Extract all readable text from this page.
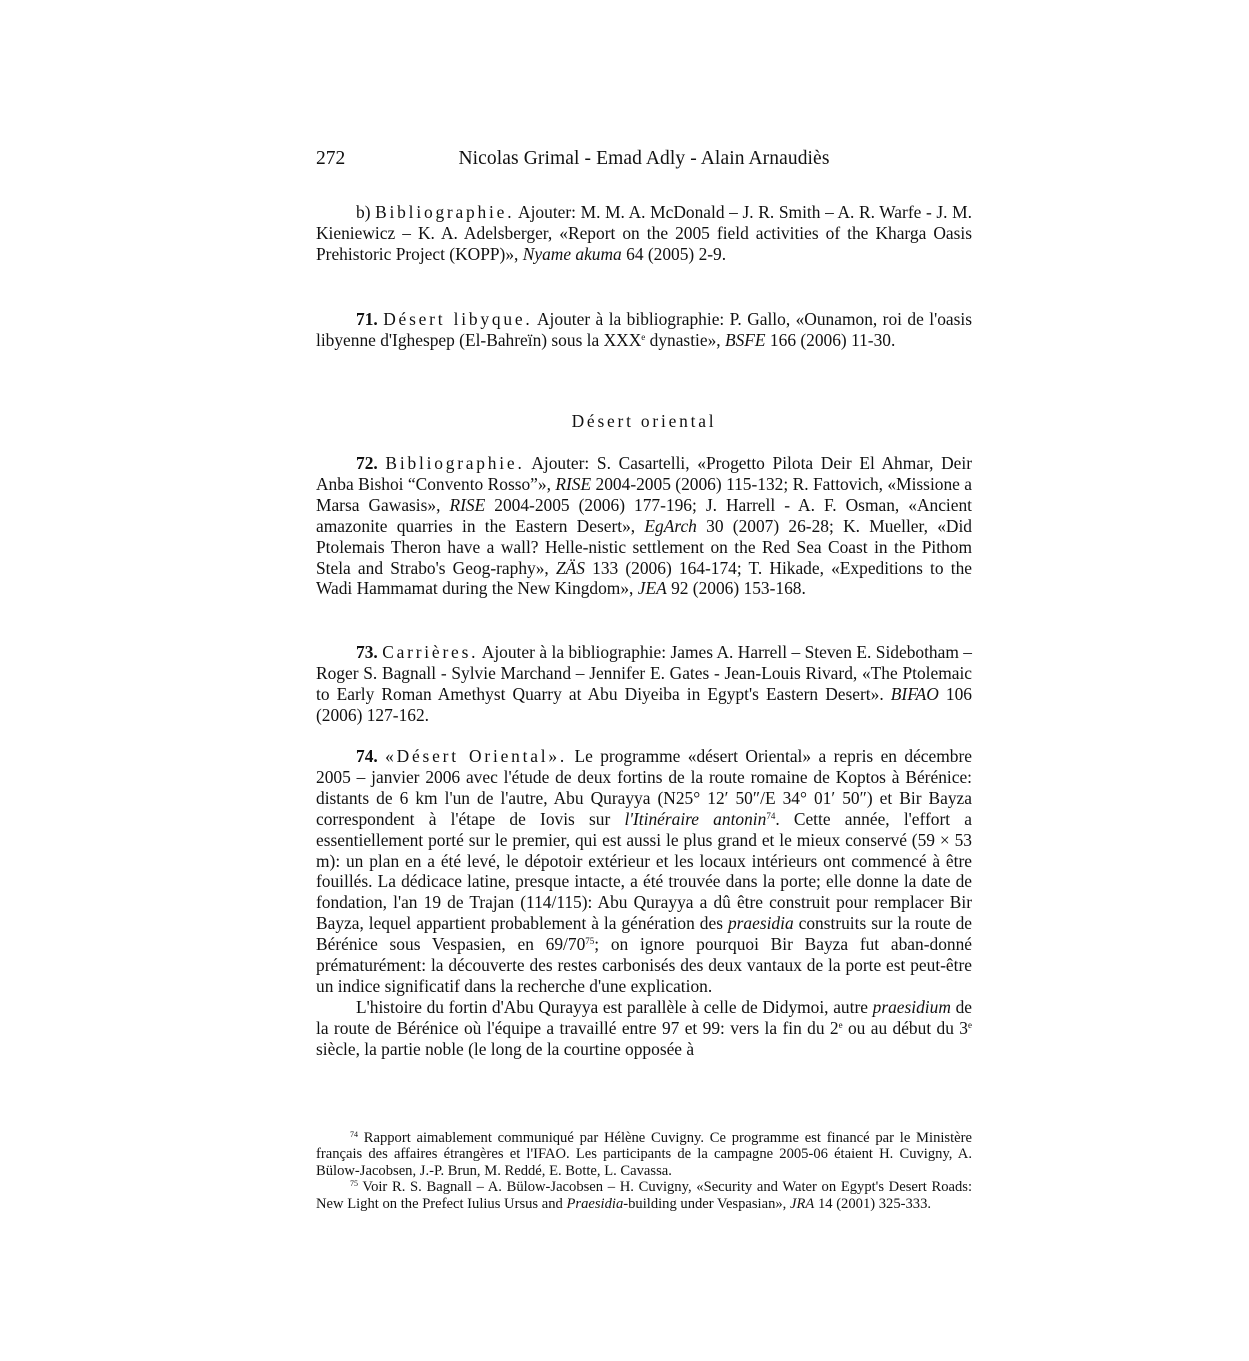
272	Nicolas Grimal - Emad Adly - Alain Arnaudiès

b) Bibliographie. Ajouter: M. M. A. McDonald – J. R. Smith – A. R. Warfe - J. M. Kieniewicz – K. A. Adelsberger, «Report on the 2005 field activities of the Kharga Oasis Prehistoric Project (KOPP)», Nyame akuma 64 (2005) 2-9.

71. Désert libyque. Ajouter à la bibliographie: P. Gallo, «Ounamon, roi de l'oasis libyenne d'Ighespep (El-Bahreïn) sous la XXXe dynastie», BSFE 166 (2006) 11-30.

Désert oriental

72. Bibliographie. Ajouter: S. Casartelli, «Progetto Pilota Deir El Ahmar, Deir Anba Bishoi “Convento Rosso”», RISE 2004-2005 (2006) 115-132; R. Fattovich, «Missione a Marsa Gawasis», RISE 2004-2005 (2006) 177-196; J. Harrell - A. F. Osman, «Ancient amazonite quarries in the Eastern Desert», EgArch 30 (2007) 26-28; K. Mueller, «Did Ptolemais Theron have a wall? Helle-nistic settlement on the Red Sea Coast in the Pithom Stela and Strabo's Geog-raphy», ZÄS 133 (2006) 164-174; T. Hikade, «Expeditions to the Wadi Hammamat during the New Kingdom», JEA 92 (2006) 153-168.

73. Carrières. Ajouter à la bibliographie: James A. Harrell – Steven E. Sidebotham – Roger S. Bagnall - Sylvie Marchand – Jennifer E. Gates - Jean-Louis Rivard, «The Ptolemaic to Early Roman Amethyst Quarry at Abu Diyeiba in Egypt's Eastern Desert». BIFAO 106 (2006) 127-162.

74. «Désert Oriental». Le programme «désert Oriental» a repris en décembre 2005 – janvier 2006 avec l'étude de deux fortins de la route romaine de Koptos à Bérénice: distants de 6 km l'un de l'autre, Abu Qurayya (N25° 12′ 50″/E 34° 01′ 50″) et Bir Bayza correspondent à l'étape de Iovis sur l'Itinéraire antonin$^{74}$. Cette année, l'effort a essentiellement porté sur le premier, qui est aussi le plus grand et le mieux conservé (59 × 53 m): un plan en a été levé, le dépotoir extérieur et les locaux intérieurs ont commencé à être fouillés. La dédicace latine, presque intacte, a été trouvée dans la porte; elle donne la date de fondation, l'an 19 de Trajan (114/115): Abu Qurayya a dû être construit pour remplacer Bir Bayza, lequel appartient probablement à la génération des praesidia construits sur la route de Bérénice sous Vespasien, en $69/70^{75}$; on ignore pourquoi Bir Bayza fut aban-donné prématurément: la découverte des restes carbonisés des deux vantaux de la porte est peut-être un indice significatif dans la recherche d'une explication.

L'histoire du fortin d'Abu Qurayya est parallèle à celle de Didymoi, autre praesidium de la route de Bérénice où l'équipe a travaillé entre 97 et 99: vers la fin du 2e ou au début du 3e siècle, la partie noble (le long de la courtine opposée à

$^{74}$ Rapport aimablement communiqué par Hélène Cuvigny. Ce programme est financé par le Ministère français des affaires étrangères et l'IFAO. Les participants de la campagne 2005-06 étaient H. Cuvigny, A. Bülow-Jacobsen, J.-P. Brun, M. Reddé, E. Botte, L. Cavassa.

$^{75}$ Voir R. S. Bagnall – A. Bülow-Jacobsen – H. Cuvigny, «Security and Water on Egypt's Desert Roads: New Light on the Prefect Iulius Ursus and Praesidia-building under Vespasian», JRA 14 (2001) 325-333.
